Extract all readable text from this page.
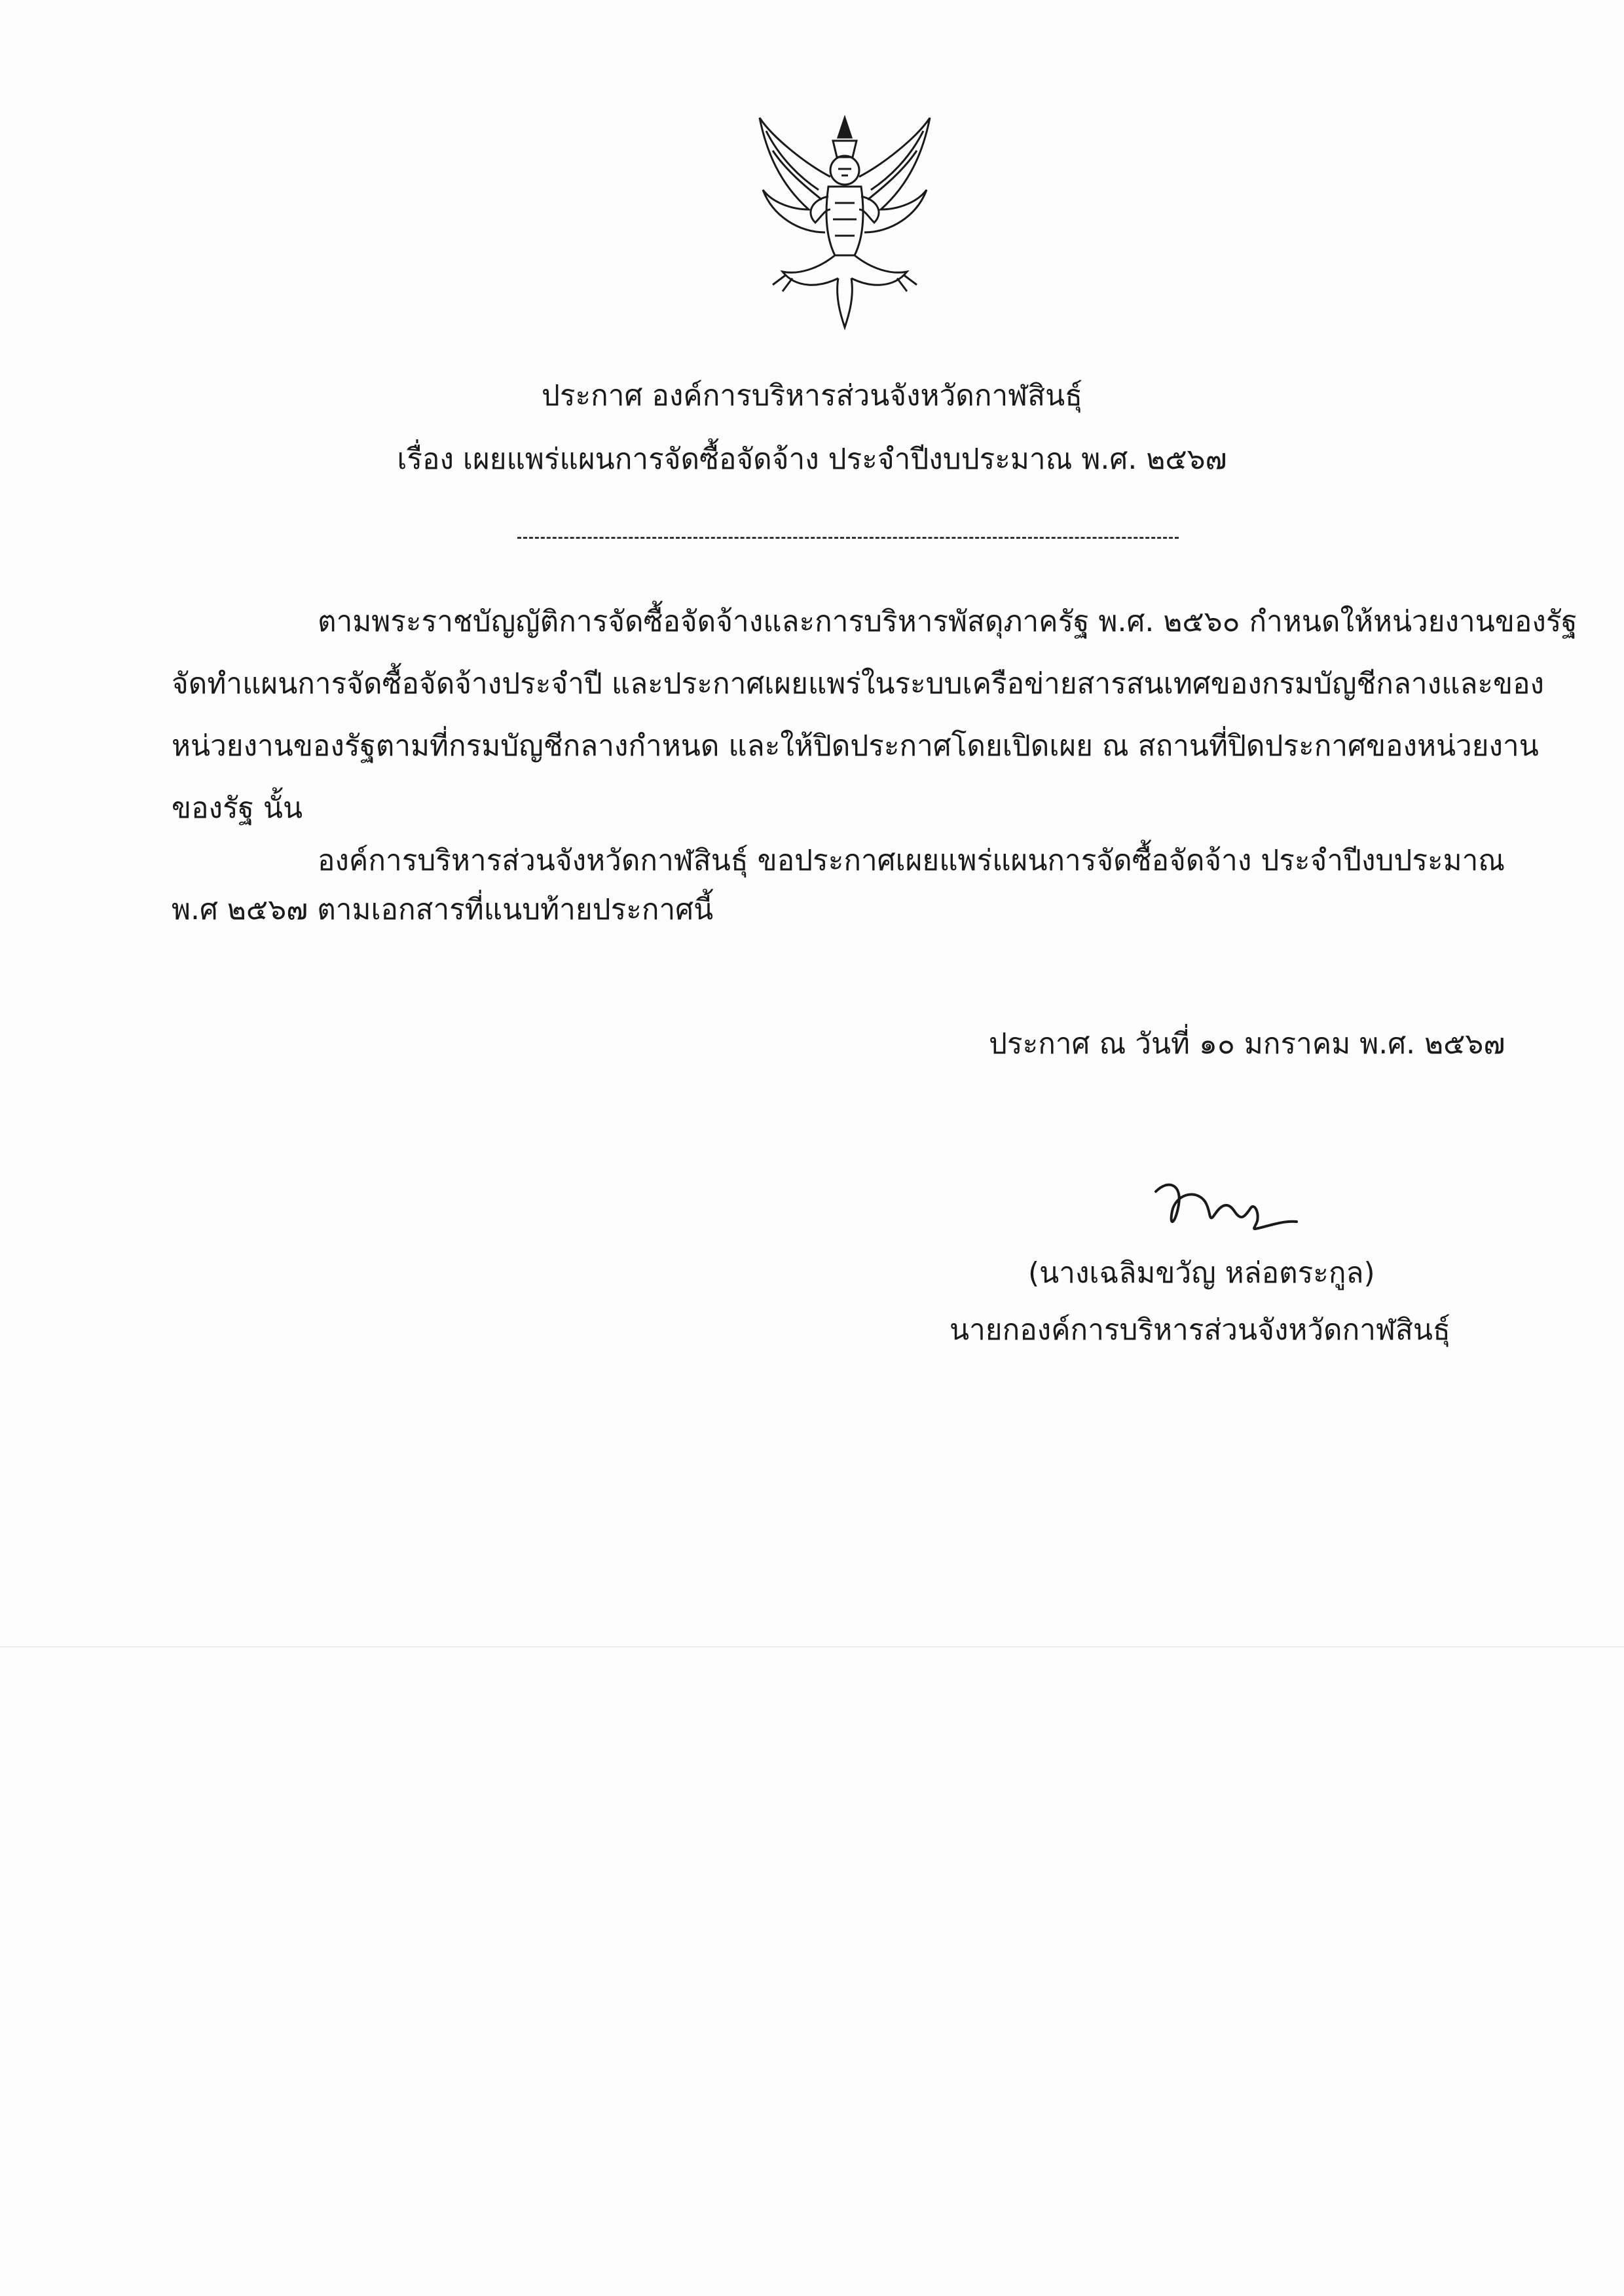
ประกาศ องค์การบริหารส่วนจังหวัดกาฬสินธุ์
เรื่อง เผยแพร่แผนการจัดซื้อจัดจ้าง ประจำปีงบประมาณ พ.ศ. ๒๕๖๗
ตามพระราชบัญญัติการจัดซื้อจัดจ้างและการบริหารพัสดุภาครัฐ พ.ศ. ๒๕๖๐ กำหนดให้หน่วยงานของรัฐ
จัดทำแผนการจัดซื้อจัดจ้างประจำปี และประกาศเผยแพร่ในระบบเครือข่ายสารสนเทศของกรมบัญชีกลางและของ
หน่วยงานของรัฐตามที่กรมบัญชีกลางกำหนด และให้ปิดประกาศโดยเปิดเผย ณ สถานที่ปิดประกาศของหน่วยงาน
ของรัฐ นั้น
องค์การบริหารส่วนจังหวัดกาฬสินธุ์ ขอประกาศเผยแพร่แผนการจัดซื้อจัดจ้าง ประจำปีงบประมาณ
พ.ศ ๒๕๖๗ ตามเอกสารที่แนบท้ายประกาศนี้
ประกาศ ณ วันที่ ๑๐ มกราคม พ.ศ. ๒๕๖๗
(นางเฉลิมขวัญ หล่อตระกูล)
นายกองค์การบริหารส่วนจังหวัดกาฬสินธุ์
